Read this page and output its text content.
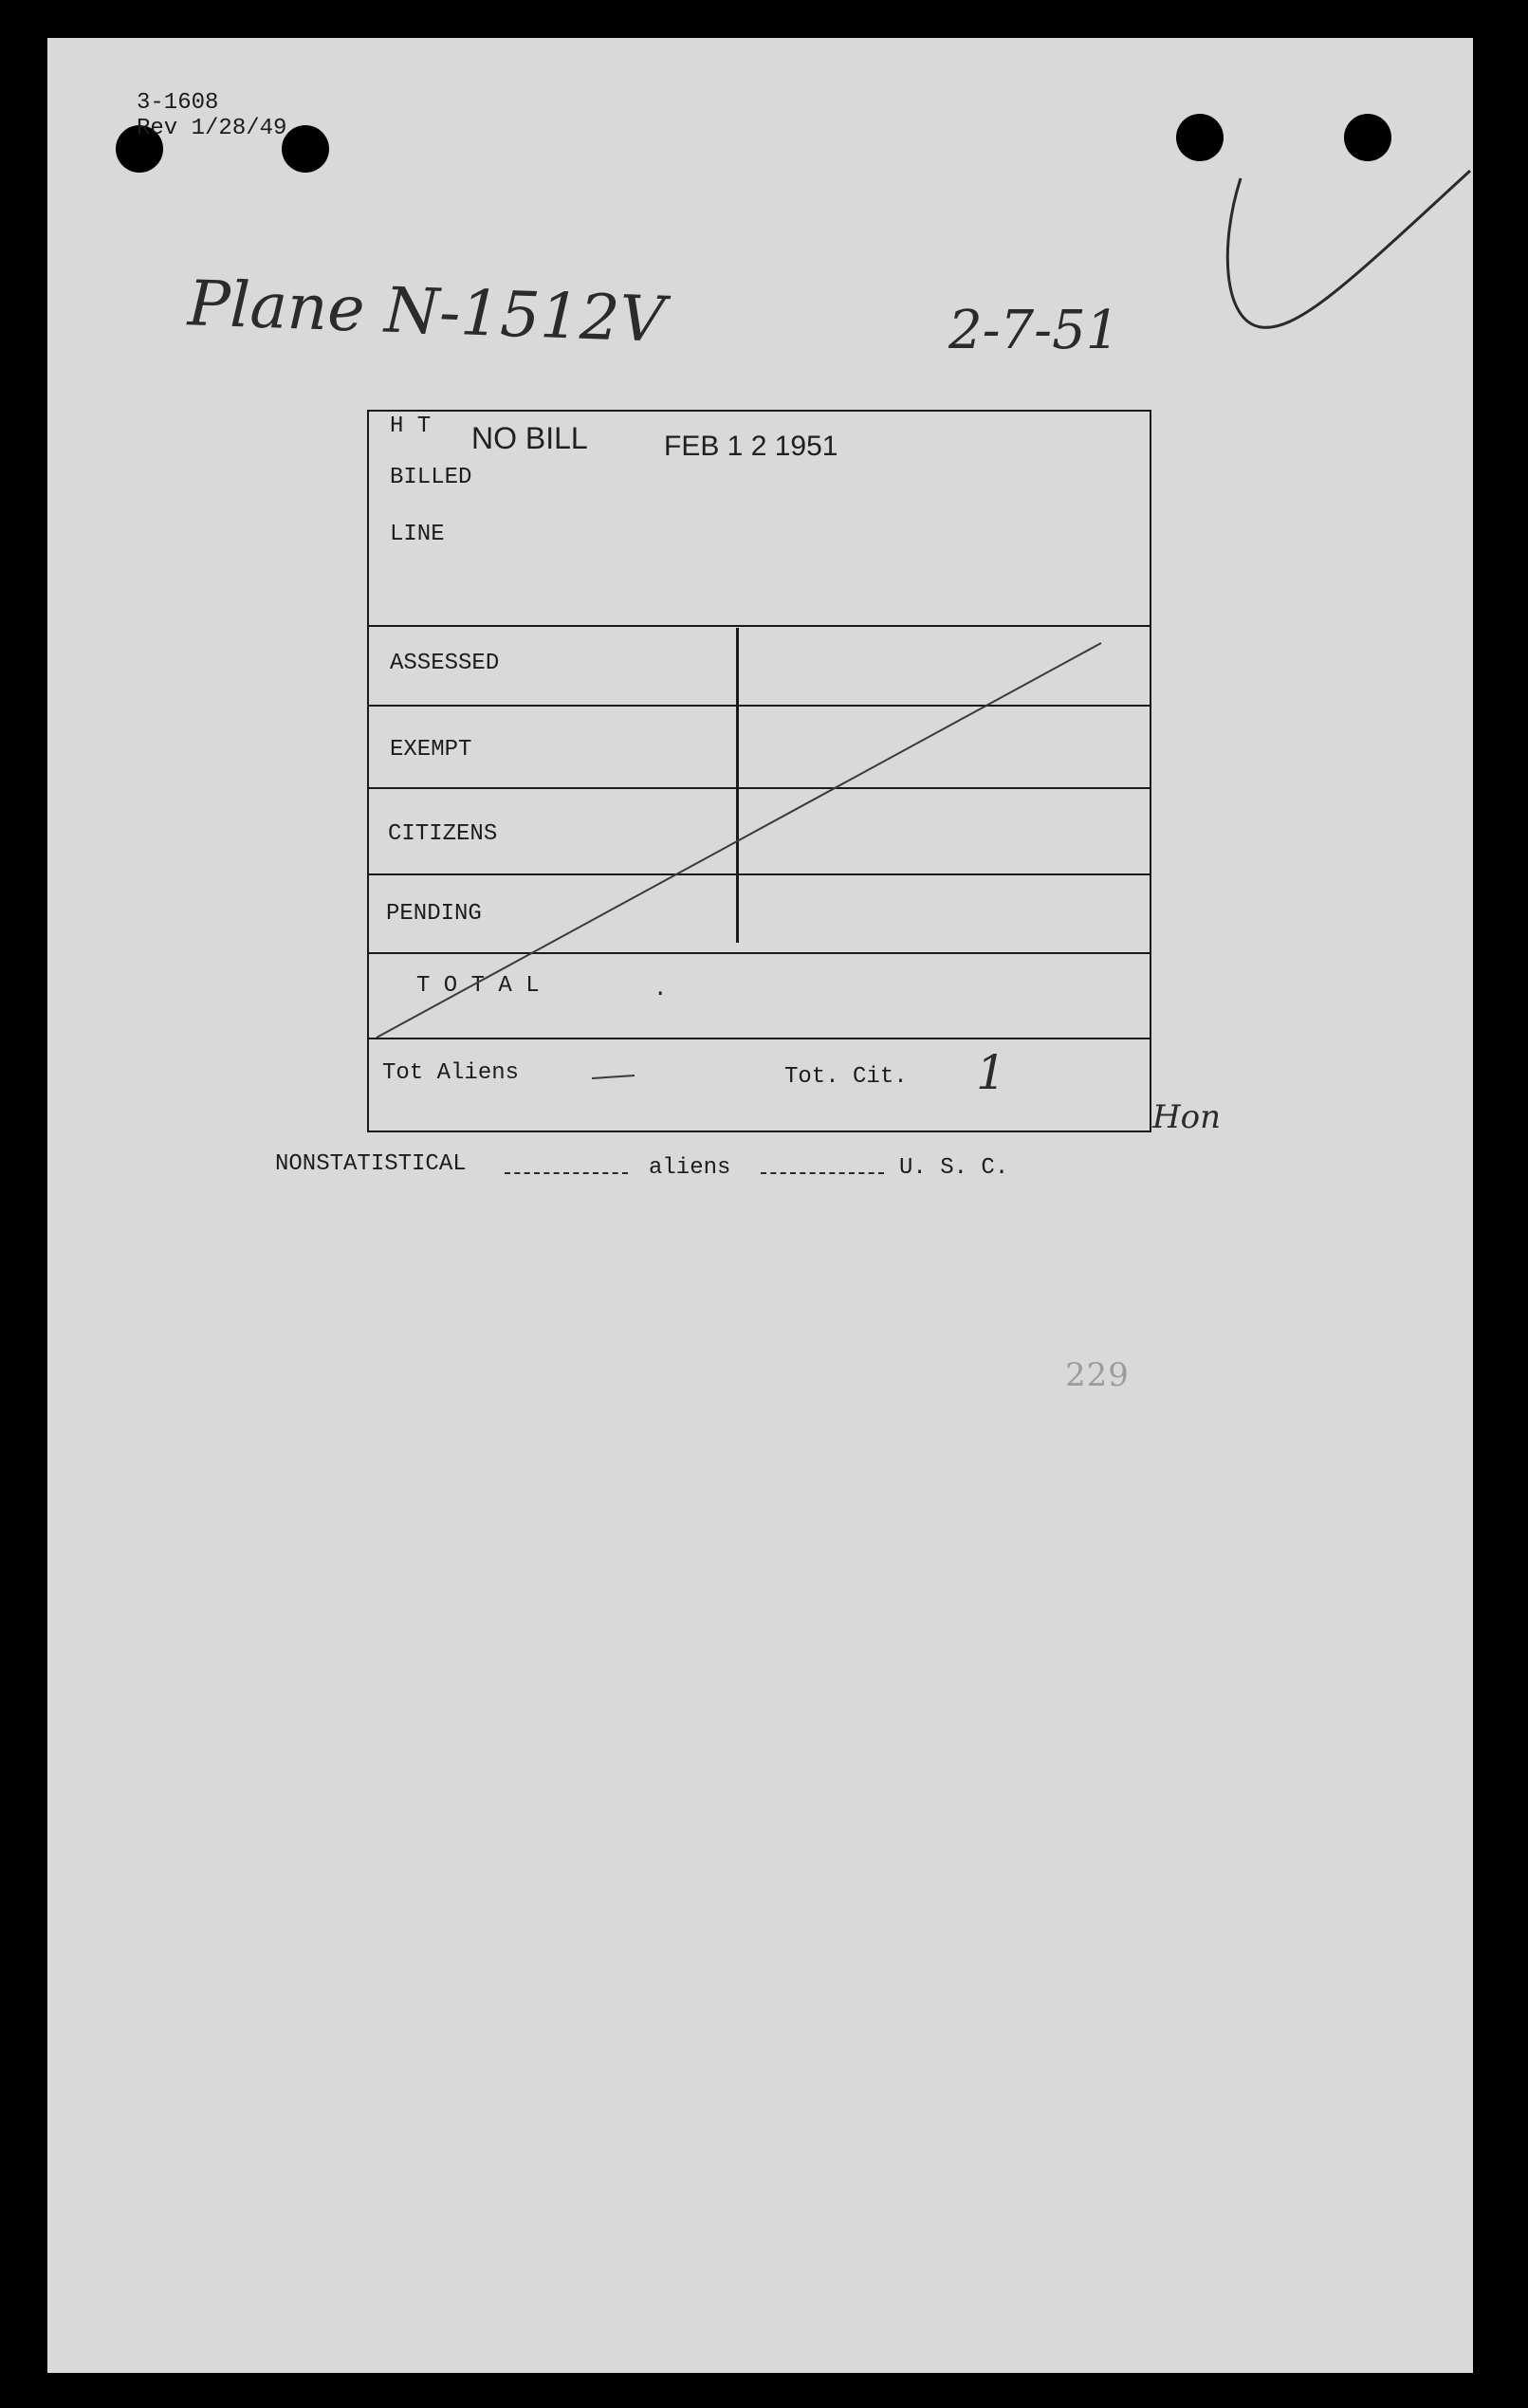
3-1608
Rev 1/28/49
Plane N-1512V	2-7-51
H T NO BILL	FEB 1 2 1951
BILLED
LINE
ASSESSED
EXEMPT
CITIZENS
PENDING
T O T A L	.
Tot Aliens	Tot. Cit. 1
Hon
NONSTATISTICAL	aliens	U. S. C.
229
